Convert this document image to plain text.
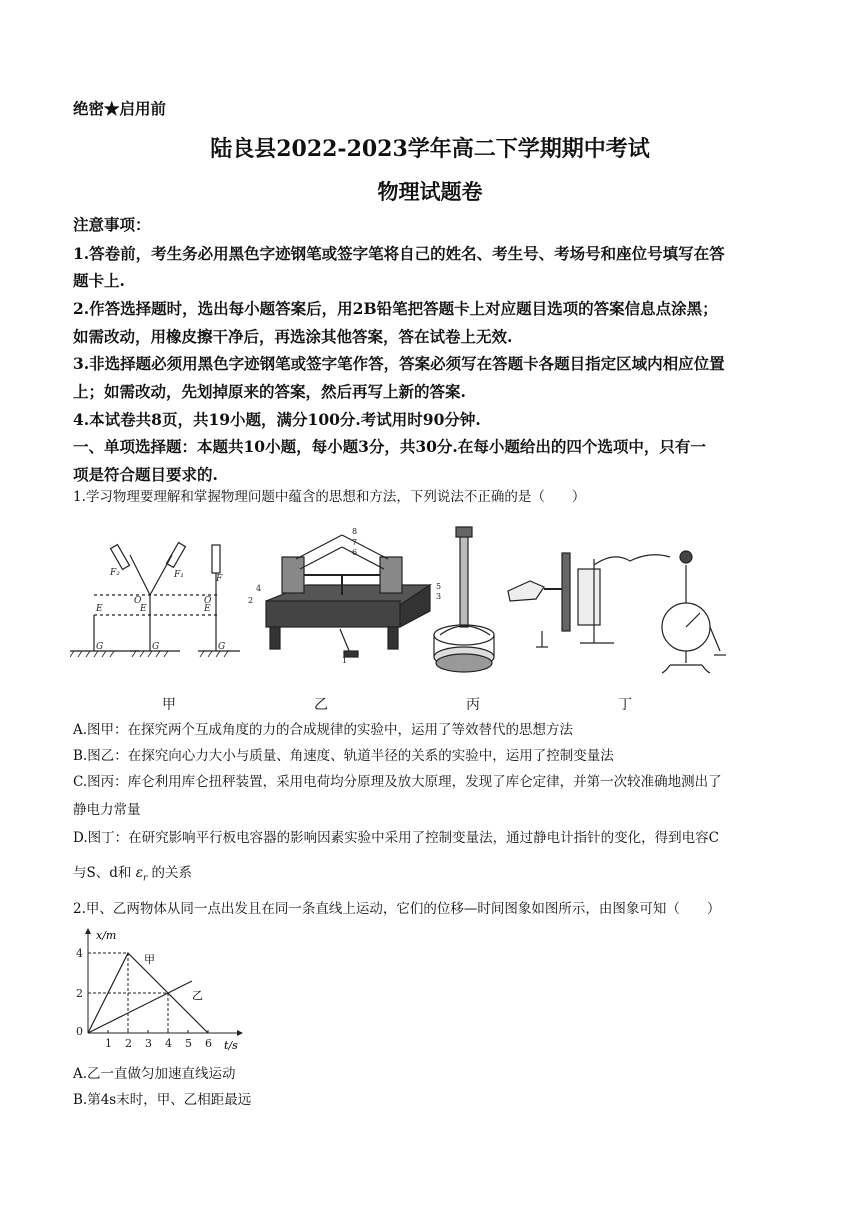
绝密★启用前
陆良县2022-2023学年高二下学期期中考试
物理试题卷
注意事项：
1.答卷前，考生务必用黑色字迹钢笔或签字笔将自己的姓名、考生号、考场号和座位号填写在答
题卡上.
2.作答选择题时，选出每小题答案后，用2B铅笔把答题卡上对应题目选项的答案信息点涂黑；
如需改动，用橡皮擦干净后，再选涂其他答案，答在试卷上无效.
3.非选择题必须用黑色字迹钢笔或签字笔作答，答案必须写在答题卡各题目指定区域内相应位置
上；如需改动，先划掉原来的答案，然后再写上新的答案.
4.本试卷共8页，共19小题，满分100分.考试用时90分钟.
一、单项选择题：本题共10小题，每小题3分，共30分.在每小题给出的四个选项中，只有一
项是符合题目要求的.
1.学习物理要理解和掌握物理问题中蕴含的思想和方法，下列说法不正确的是（　　）
F₂	F₁	F
O	O
E	E	E
G	G	G
1
2	3
4	5
6
7
8
甲	乙	丙	丁
A.图甲：在探究两个互成角度的力的合成规律的实验中，运用了等效替代的思想方法
B.图乙：在探究向心力大小与质量、角速度、轨道半径的关系的实验中，运用了控制变量法
C.图丙：库仑利用库仑扭秤装置，采用电荷均分原理及放大原理，发现了库仑定律，并第一次较准确地测出了
静电力常量
D.图丁：在研究影响平行板电容器的影响因素实验中采用了控制变量法，通过静电计指针的变化，得到电容C
与S、d和 $\varepsilon_r$ 的关系
2.甲、乙两物体从同一点出发且在同一条直线上运动，它们的位移—时间图象如图所示，由图象可知（　　）
0
1 2 3 4 5 6
2
4
x/m
t/s
甲
乙
A.乙一直做匀加速直线运动
B.第4s末时，甲、乙相距最远
